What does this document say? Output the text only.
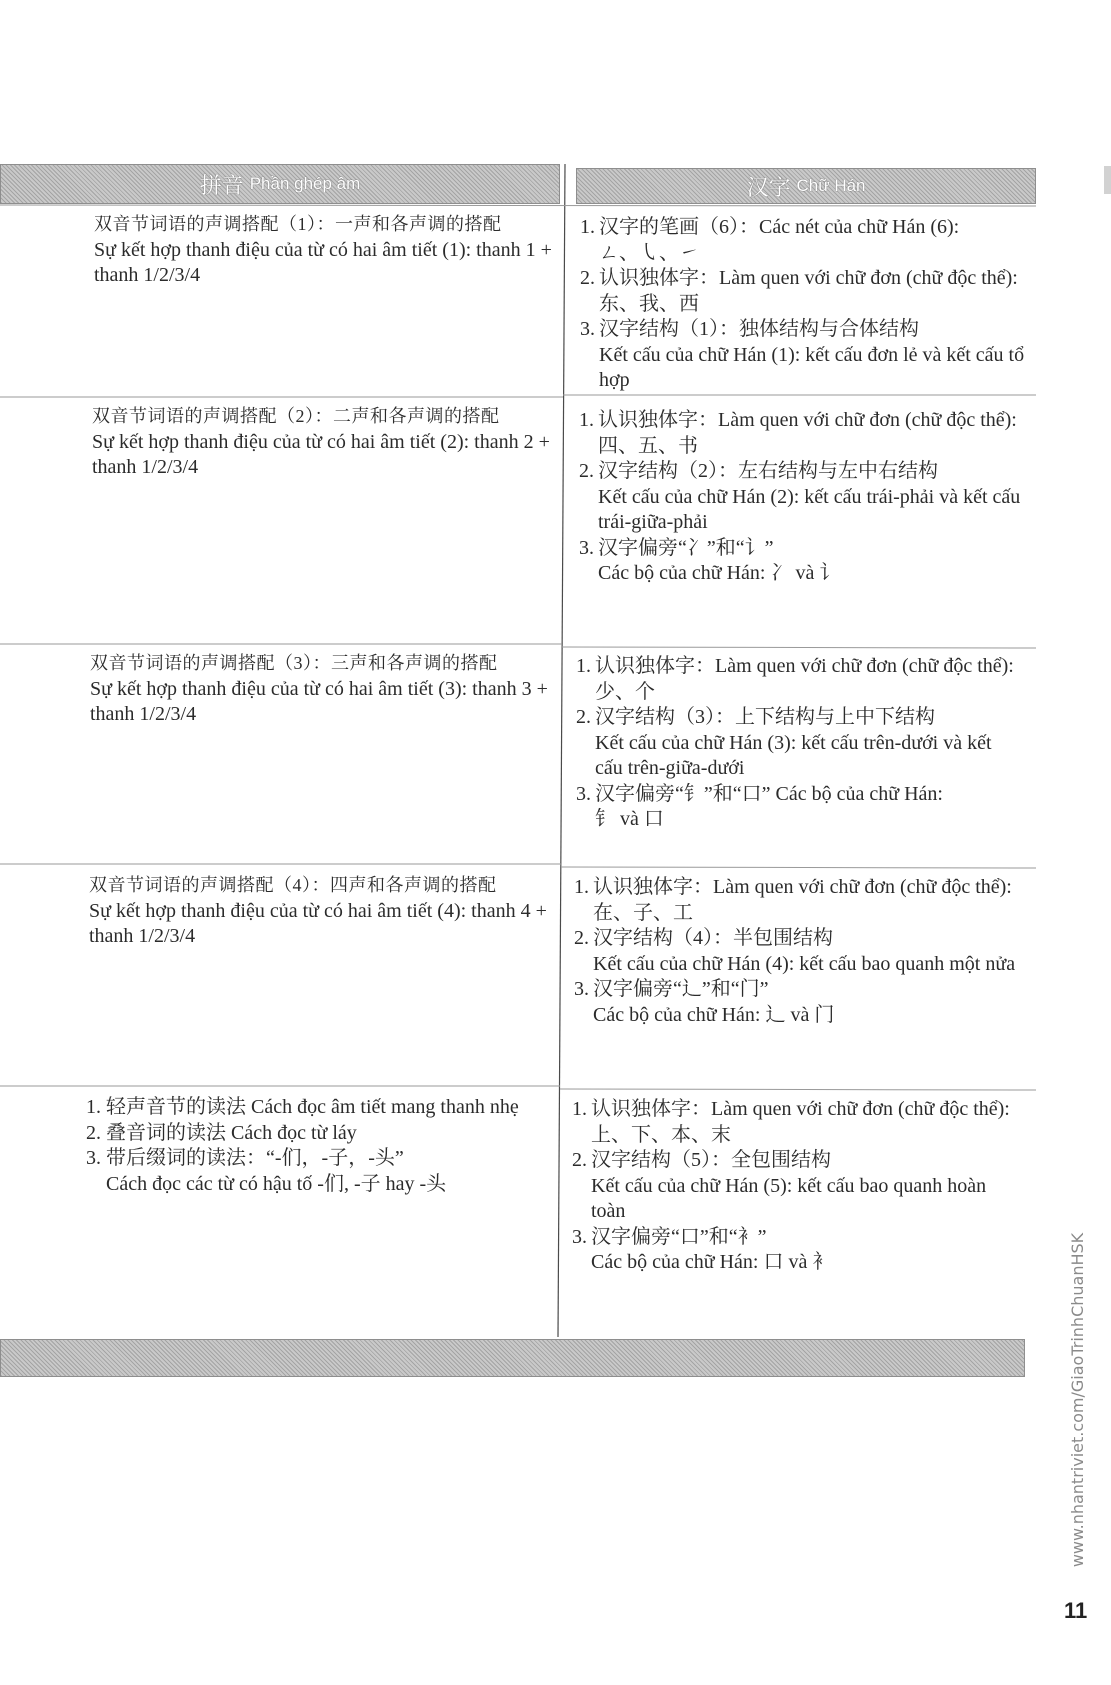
拼音 Phần ghép âm	汉字 Chữ Hán
双音节词语的声调搭配（1）：一声和各声调的搭配
Sự kết hợp thanh điệu của từ có hai âm tiết (1): thanh 1 +
thanh 1/2/3/4
1. 汉字的笔画（6）：Các nét của chữ Hán (6):
ㄥ、㇂、㇀
2. 认识独体字：Làm quen với chữ đơn (chữ độc thể):
东、我、西
3. 汉字结构（1）：独体结构与合体结构
Kết cấu của chữ Hán (1): kết cấu đơn lẻ và kết cấu tổ
hợp
双音节词语的声调搭配（2）：二声和各声调的搭配
Sự kết hợp thanh điệu của từ có hai âm tiết (2): thanh 2 +
thanh 1/2/3/4
1. 认识独体字：Làm quen với chữ đơn (chữ độc thể):
四、五、书
2. 汉字结构（2）：左右结构与左中右结构
Kết cấu của chữ Hán (2): kết cấu trái-phải và kết cấu
trái-giữa-phải
3. 汉字偏旁“冫”和“讠”
Các bộ của chữ Hán: 冫 và 讠
双音节词语的声调搭配（3）：三声和各声调的搭配
Sự kết hợp thanh điệu của từ có hai âm tiết (3): thanh 3 +
thanh 1/2/3/4
1. 认识独体字：Làm quen với chữ đơn (chữ độc thể):
少、个
2. 汉字结构（3）：上下结构与上中下结构
Kết cấu của chữ Hán (3): kết cấu trên-dưới và kết
cấu trên-giữa-dưới
3. 汉字偏旁“钅”和“口” Các bộ của chữ Hán:
钅 và 口
双音节词语的声调搭配（4）：四声和各声调的搭配
Sự kết hợp thanh điệu của từ có hai âm tiết (4): thanh 4 +
thanh 1/2/3/4
1. 认识独体字：Làm quen với chữ đơn (chữ độc thể):
在、子、工
2. 汉字结构（4）：半包围结构
Kết cấu của chữ Hán (4): kết cấu bao quanh một nửa
3. 汉字偏旁“辶”和“门”
Các bộ của chữ Hán: 辶 và 门
1. 轻声音节的读法 Cách đọc âm tiết mang thanh nhẹ
2. 叠音词的读法 Cách đọc từ láy
3. 带后缀词的读法：“-们，-子，-头”
Cách đọc các từ có hậu tố -们, -子 hay -头
1. 认识独体字：Làm quen với chữ đơn (chữ độc thể):
上、下、本、末
2. 汉字结构（5）：全包围结构
Kết cấu của chữ Hán (5): kết cấu bao quanh hoàn
toàn
3. 汉字偏旁“口”和“衤”
Các bộ của chữ Hán: 口 và 衤	www.nhantriviet.com/GiaoTrinhChuanHSK
11
